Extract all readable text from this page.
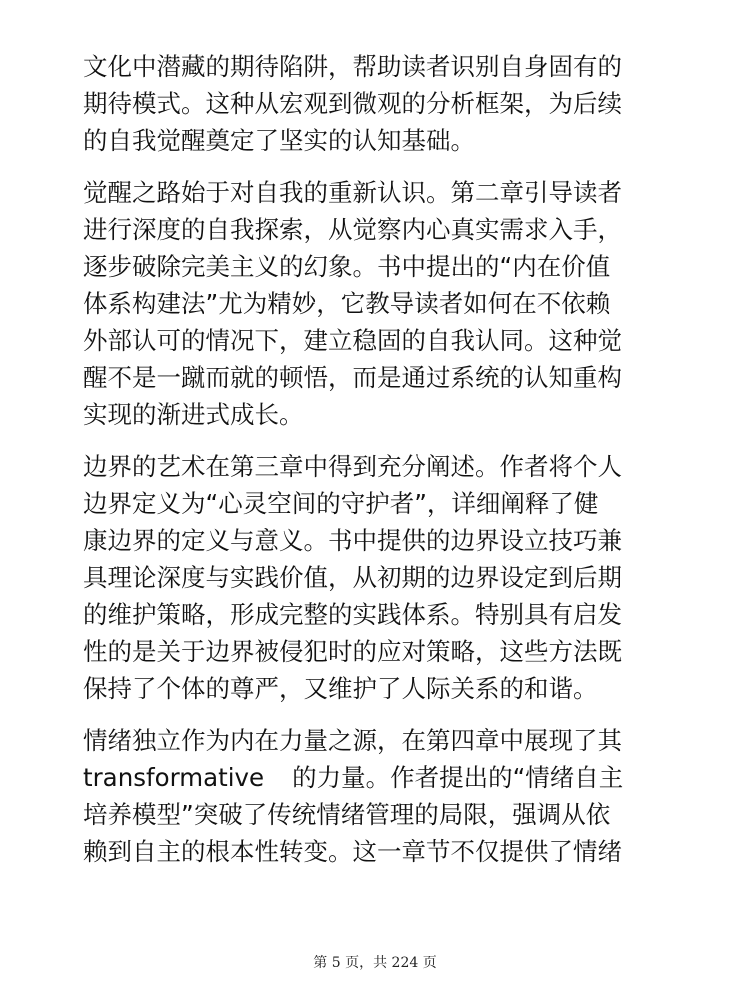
文化中潜藏的期待陷阱，帮助读者识别自身固有的
期待模式。这种从宏观到微观的分析框架，为后续
的自我觉醒奠定了坚实的认知基础。

觉醒之路始于对自我的重新认识。第二章引导读者
进行深度的自我探索，从觉察内心真实需求入手，
逐步破除完美主义的幻象。书中提出的“内在价值
体系构建法”尤为精妙，它教导读者如何在不依赖
外部认可的情况下，建立稳固的自我认同。这种觉
醒不是一蹴而就的顿悟，而是通过系统的认知重构
实现的渐进式成长。

边界的艺术在第三章中得到充分阐述。作者将个人
边界定义为“心灵空间的守护者”，详细阐释了健
康边界的定义与意义。书中提供的边界设立技巧兼
具理论深度与实践价值，从初期的边界设定到后期
的维护策略，形成完整的实践体系。特别具有启发
性的是关于边界被侵犯时的应对策略，这些方法既
保持了个体的尊严，又维护了人际关系的和谐。

情绪独立作为内在力量之源，在第四章中展现了其
transformative 的力量。作者提出的“情绪自主
培养模型”突破了传统情绪管理的局限，强调从依
赖到自主的根本性转变。这一章节不仅提供了情绪

第 5 页，共 224 页
